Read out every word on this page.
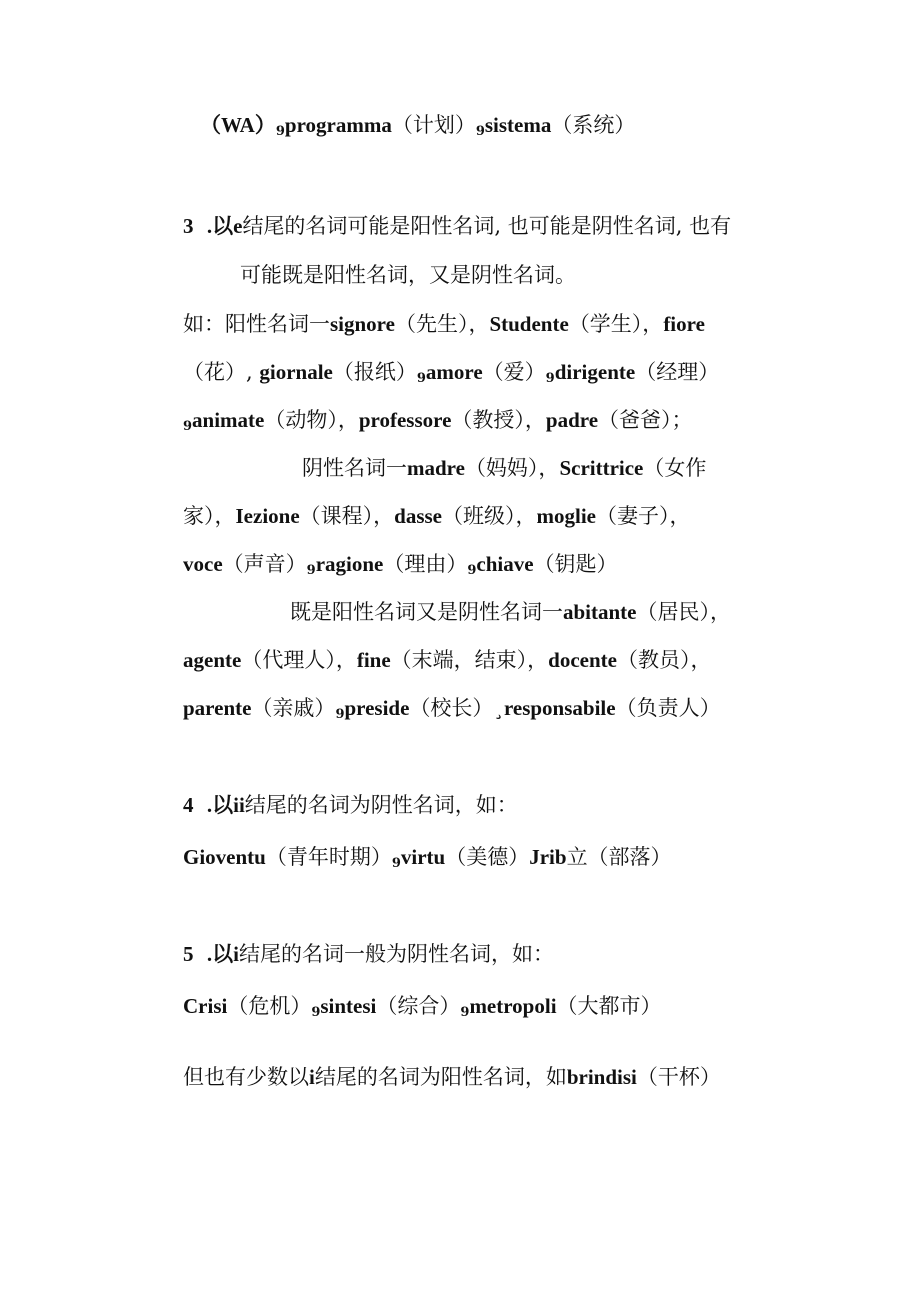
（WA）9programma（计划）9sistema（系统）
3 .以e结尾的名词可能是阳性名词, 也可能是阴性名词, 也有
可能既是阳性名词，又是阴性名词。
如：阳性名词一signore（先生），Studente（学生），fiore
（花）, giornale（报纸）9amore（爱）9dirigente（经理）
9animate（动物），professore（教授），padre（爸爸）；
阴性名词一madre（妈妈），Scrittrice（女作
家），Iezione（课程），dasse（班级），moglie（妻子），
voce（声音）9ragione（理由）9chiave（钥匙）
既是阳性名词又是阴性名词一abitante（居民），
agente（代理人），fine（末端，结束），docente（教员），
parente（亲戚）9preside（校长）¸responsabile（负责人）
4 .以ii结尾的名词为阴性名词，如：
Gioventu（青年时期）9virtu（美德）Jrib立（部落）
5 .以i结尾的名词一般为阴性名词，如：
Crisi（危机）9sintesi（综合）9metropoli（大都市）
但也有少数以i结尾的名词为阳性名词，如brindisi（干杯）
